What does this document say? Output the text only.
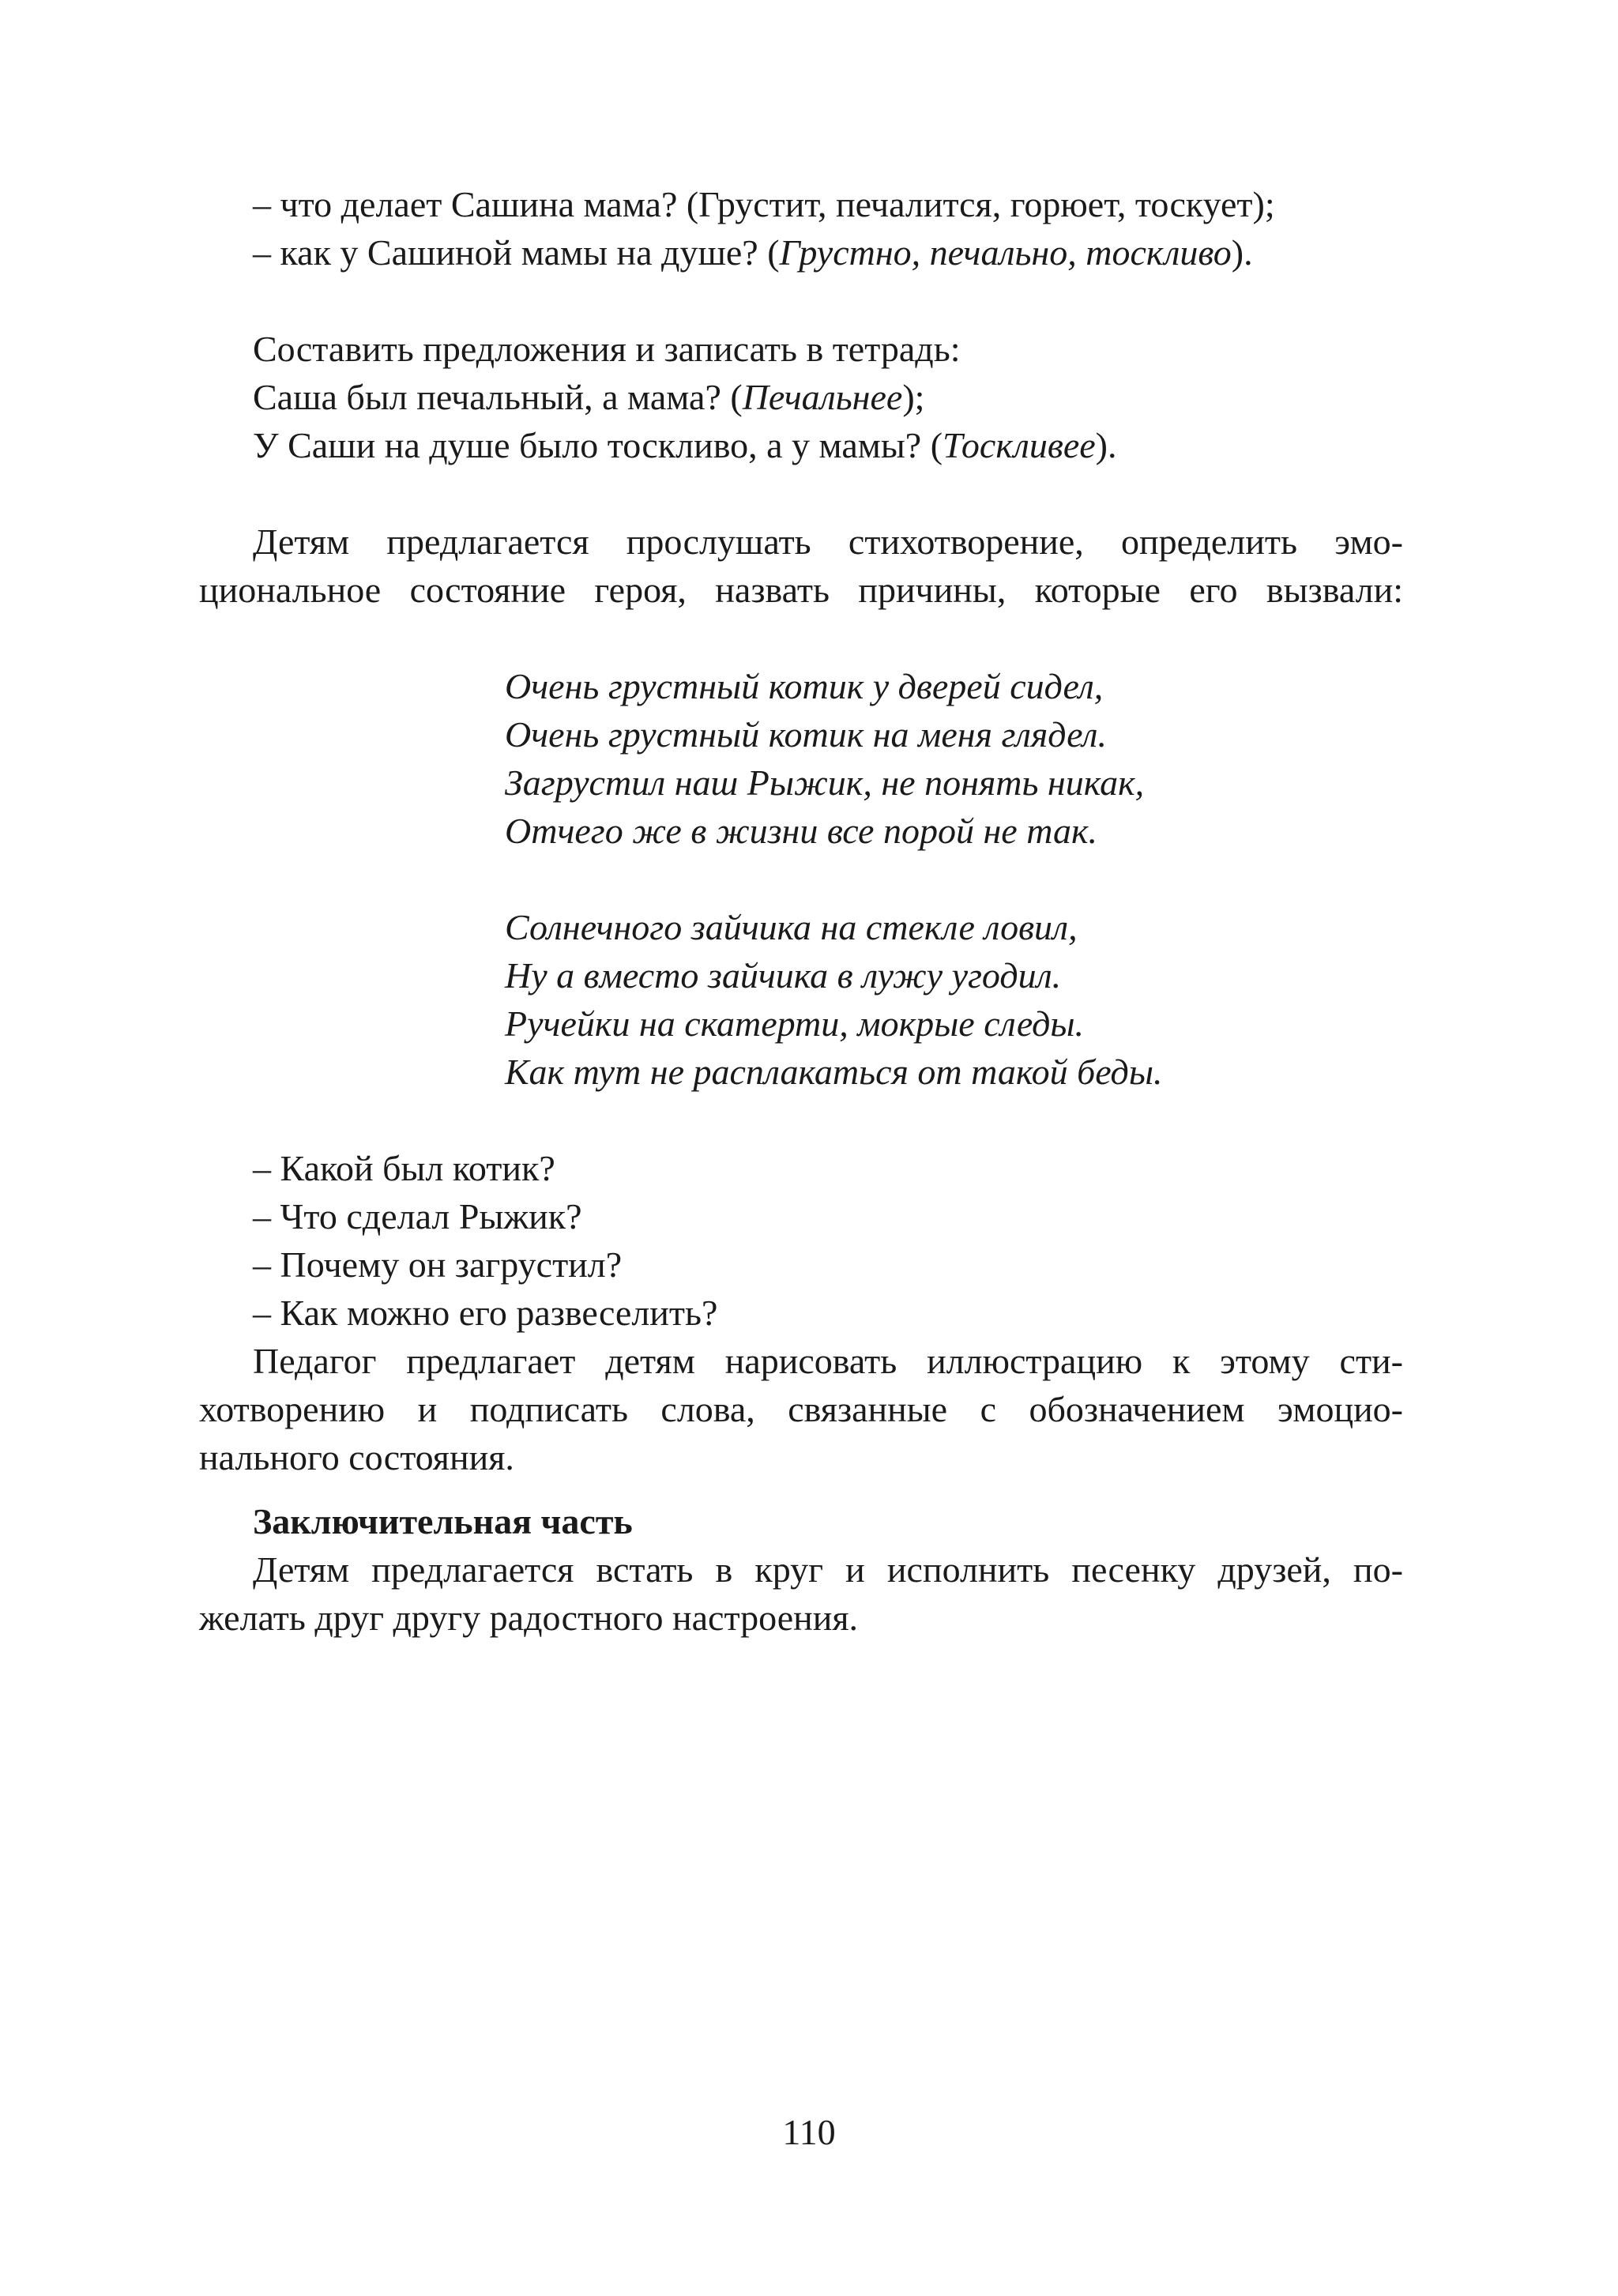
– что делает Сашина мама? (Грустит, печалится, горюет, тоскует);
– как у Сашиной мамы на душе? (Грустно, печально, тоскливо).
Составить предложения и записать в тетрадь:
Саша был печальный, а мама? (Печальнее);
У Саши на душе было тоскливо, а у мамы? (Тоскливее).
Детям предлагается прослушать стихотворение, определить эмо-
циональное состояние героя, назвать причины, которые его вызвали:
Очень грустный котик у дверей сидел,
Очень грустный котик на меня глядел.
Загрустил наш Рыжик, не понять никак,
Отчего же в жизни все порой не так.
Солнечного зайчика на стекле ловил,
Ну а вместо зайчика в лужу угодил.
Ручейки на скатерти, мокрые следы.
Как тут не расплакаться от такой беды.
– Какой был котик?
– Что сделал Рыжик?
– Почему он загрустил?
– Как можно его развеселить?
Педагог предлагает детям нарисовать иллюстрацию к этому сти-
хотворению и подписать слова, связанные с обозначением эмоцио-
нального состояния.
Заключительная часть
Детям предлагается встать в круг и исполнить песенку друзей, по-
желать друг другу радостного настроения.
110
